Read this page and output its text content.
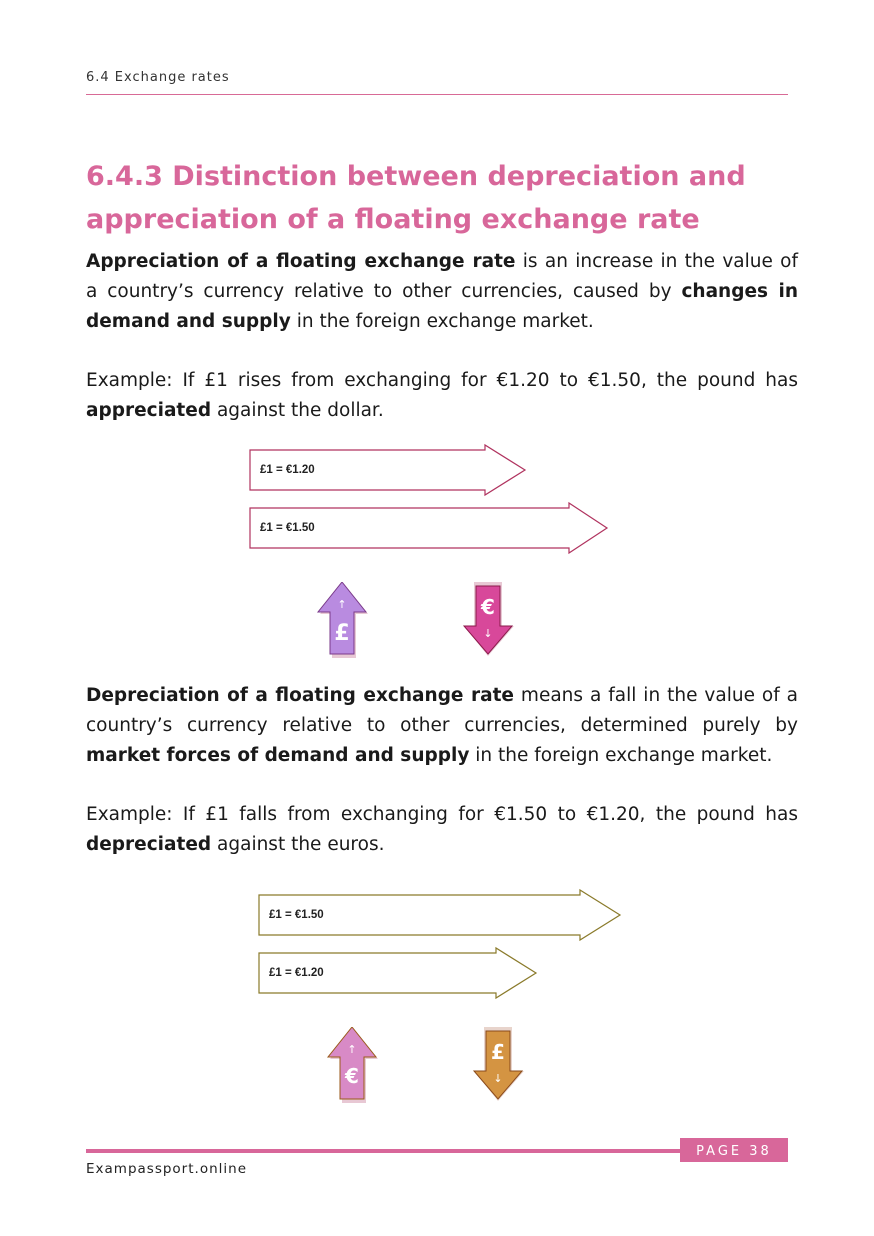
6.4 Exchange rates
6.4.3 Distinction between depreciation and
appreciation of a floating exchange rate

Appreciation of a floating exchange rate is an increase in the value of a country’s currency relative to other currencies, caused by changes in demand and supply in the foreign exchange market.

Example: If £1 rises from exchanging for €1.20 to €1.50, the pound has appreciated against the dollar.

£1 = €1.20
£1 = €1.50
↑
£
€
↓

Depreciation of a floating exchange rate means a fall in the value of a country’s currency relative to other currencies, determined purely by market forces of demand and supply in the foreign exchange market.

Example: If £1 falls from exchanging for €1.50 to €1.20, the pound has depreciated against the euros.

£1 = €1.50
£1 = €1.20
↑
€
£
↓
PAGE 38
Exampassport.online
